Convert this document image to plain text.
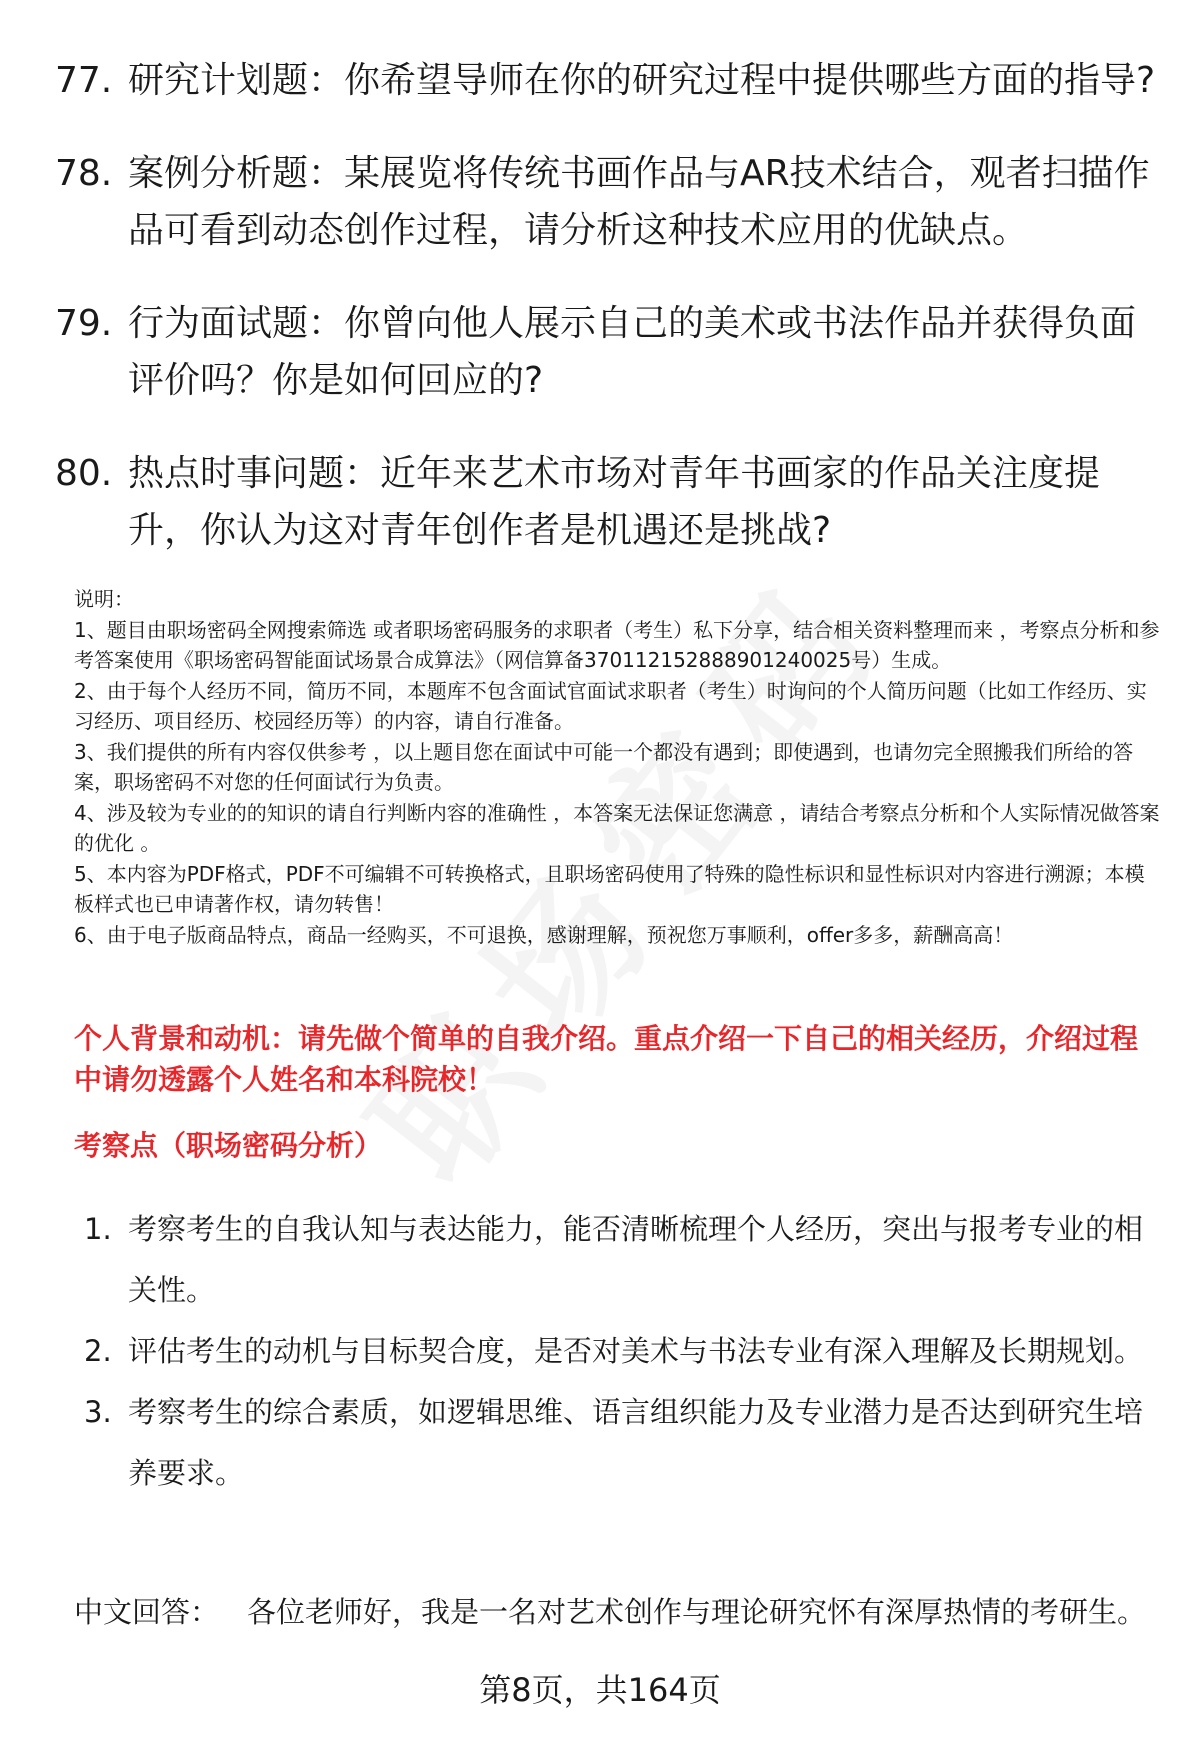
77. 研究计划题：你希望导师在你的研究过程中提供哪些方面的指导?
78. 案例分析题：某展览将传统书画作品与AR技术结合，观者扫描作品可看到动态创作过程，请分析这种技术应用的优缺点。
79. 行为面试题：你曾向他人展示自己的美术或书法作品并获得负面评价吗？你是如何回应的?
80. 热点时事问题：近年来艺术市场对青年书画家的作品关注度提升，你认为这对青年创作者是机遇还是挑战?

说明：

1、题目由职场密码全网搜索筛选 或者职场密码服务的求职者（考生）私下分享，结合相关资料整理而来 ，考察点分析和参考答案使用《职场密码智能面试场景合成算法》（网信算备370112152888901240025号）生成。

2、由于每个人经历不同，简历不同，本题库不包含面试官面试求职者（考生）时询问的个人简历问题（比如工作经历、实习经历、项目经历、校园经历等）的内容，请自行准备。

3、我们提供的所有内容仅供参考 ，以上题目您在面试中可能一个都没有遇到；即使遇到，也请勿完全照搬我们所给的答案，职场密码不对您的任何面试行为负责。

4、涉及较为专业的的知识的请自行判断内容的准确性 ，本答案无法保证您满意 ，请结合考察点分析和个人实际情况做答案的优化 。

5、本内容为PDF格式，PDF不可编辑不可转换格式，且职场密码使用了特殊的隐性标识和显性标识对内容进行溯源；本模板样式也已申请著作权，请勿转售！

6、由于电子版商品特点，商品一经购买，不可退换，感谢理解，预祝您万事顺利，offer多多，薪酬高高！

个人背景和动机：请先做个简单的自我介绍。重点介绍一下自己的相关经历，介绍过程中请勿透露个人姓名和本科院校！
考察点（职场密码分析）
1. 考察考生的自我认知与表达能力，能否清晰梳理个人经历，突出与报考专业的相关性。
2. 评估考生的动机与目标契合度，是否对美术与书法专业有深入理解及长期规划。
3. 考察考生的综合素质，如逻辑思维、语言组织能力及专业潜力是否达到研究生培养要求。
中文回答： 各位老师好，我是一名对艺术创作与理论研究怀有深厚热情的考研生。
第8页，共164页
